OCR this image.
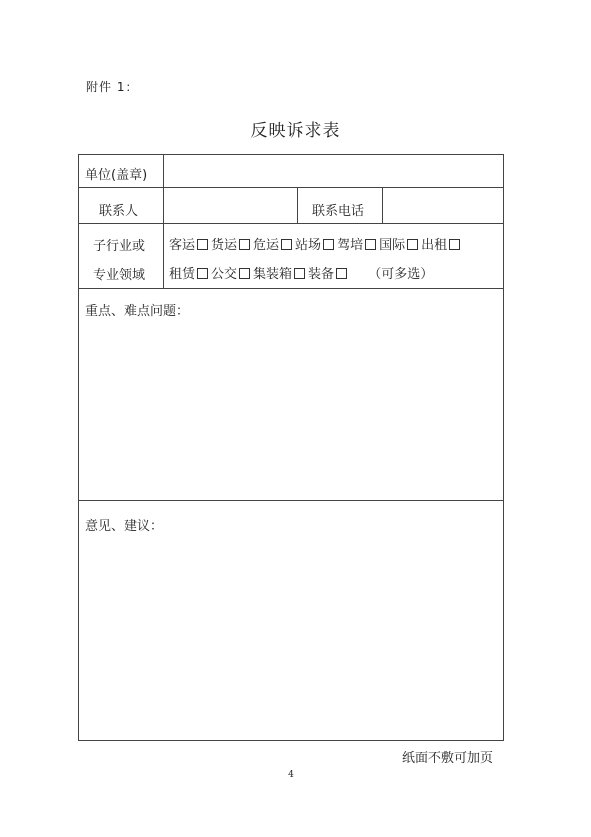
附件 1：
反映诉求表
单位(盖章)
联系人	联系电话
子行业或
专业领域
客运 货运 危运 站场 驾培 国际 出租
租赁 公交 集装箱 装备	（可多选）
重点、难点问题：
意见、建议：
纸面不敷可加页
4
